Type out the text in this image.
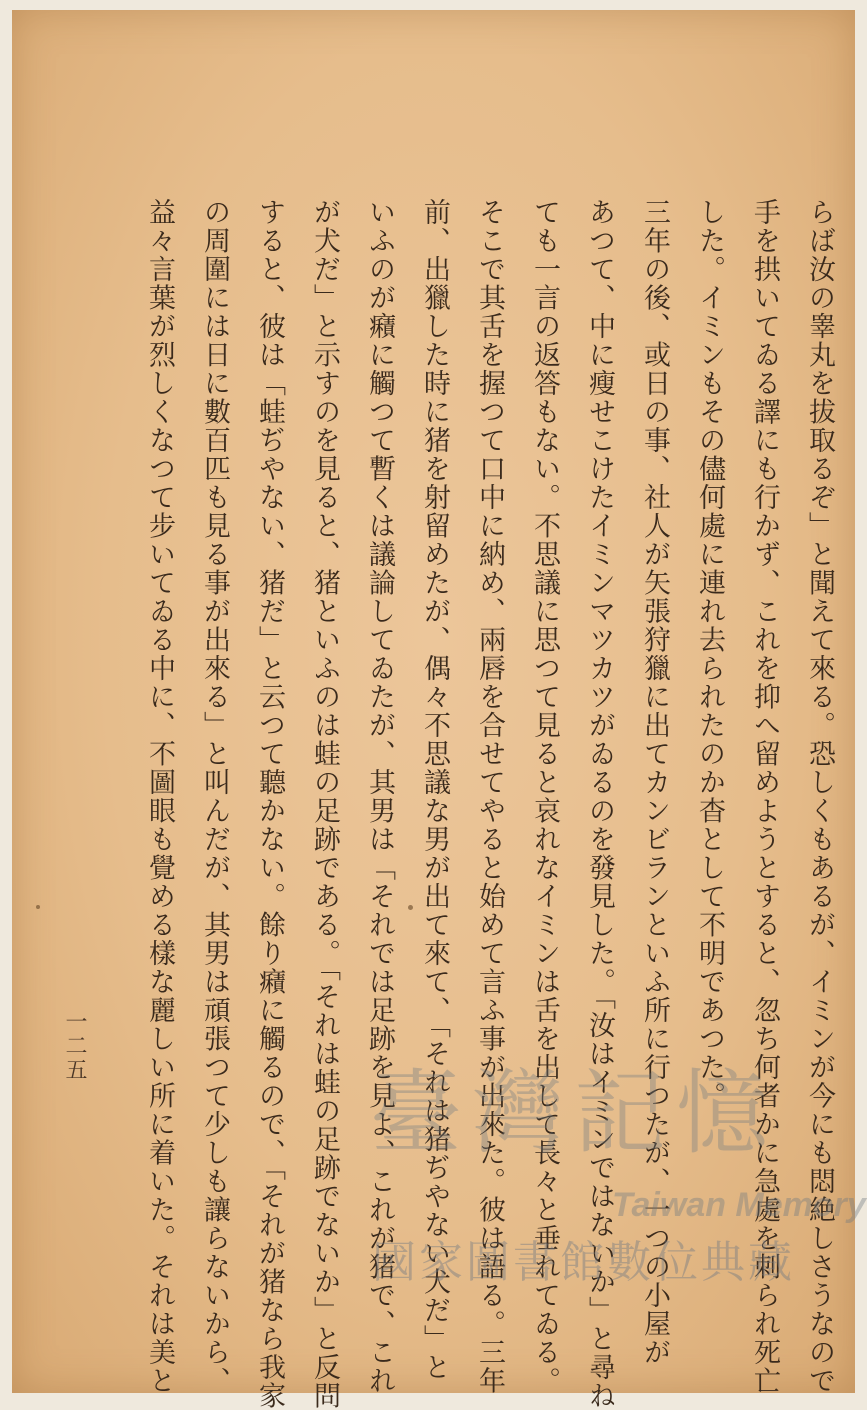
らば汝の睾丸を拔取るぞ」と聞えて來る。恐しくもあるが、イミンが今にも悶絶しさうなので
手を拱いてゐる譯にも行かず、これを抑へ留めようとすると、忽ち何者かに急處を刺られ死亡
した。イミンもその儘何處に連れ去られたのか杳として不明であつた。
三年の後、或日の事、社人が矢張狩獵に出てカンビランといふ所に行つたが、一つの小屋が
あつて、中に瘦せこけたイミンマツカツがゐるのを發見した。「汝はイミンではないか」と尋ね
ても一言の返答もない。不思議に思つて見ると哀れなイミンは舌を出して長々と垂れてゐる。
そこで其舌を握つて口中に納め、兩唇を合せてやると始めて言ふ事が出來た。彼は語る。三年
前、出獵した時に猪を射留めたが、偶々不思議な男が出て來て、「それは猪ぢやない犬だ」と
いふのが癪に觸つて暫くは議論してゐたが、其男は「それでは足跡を見よ、これが猪で、これ
が犬だ」と示すのを見ると、猪といふのは蛙の足跡である。「それは蛙の足跡でないか」と反問
すると、彼は「蛙ぢやない、猪だ」と云つて聽かない。餘り癪に觸るので、「それが猪なら我家
の周圍には日に數百匹も見る事が出來る」と叫んだが、其男は頑張つて少しも讓らないから、
益々言葉が烈しくなつて步いてゐる中に、不圖眼も覺める樣な麗しい所に着いた。それは美と
一二五
臺灣記憶
Taiwan Memory
國家圖書館數位典藏
